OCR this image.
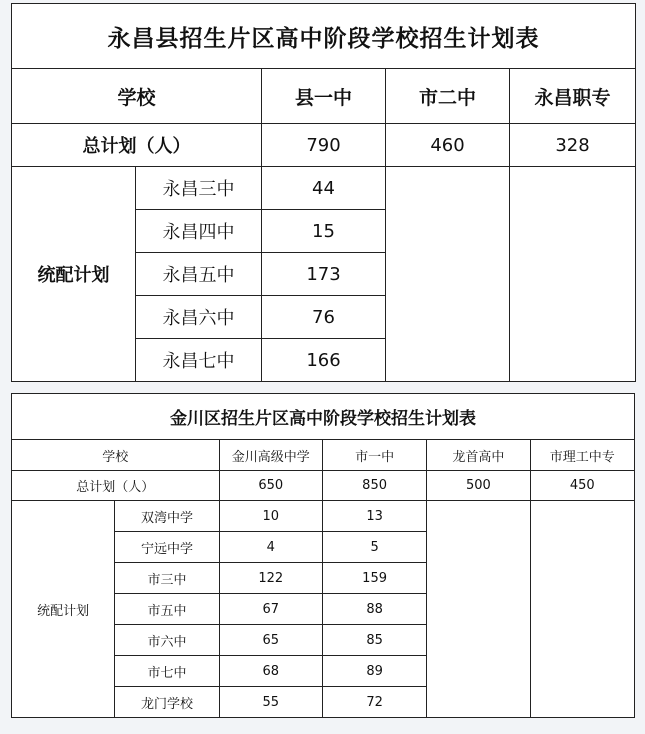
永昌县招生片区高中阶段学校招生计划表				
学校		县一中	市二中	永昌职专
总计划（人）		790	460	328
统配计划	永昌三中	44		
	永昌四中	15		
	永昌五中	173		
	永昌六中	76		
	永昌七中	166		
金川区招生片区高中阶段学校招生计划表					
学校		金川高级中学	市一中	龙首高中	市理工中专
总计划（人）		650	850	500	450
统配计划	双湾中学	10	13		
	宁远中学	4	5		
	市三中	122	159		
	市五中	67	88		
	市六中	65	85		
	市七中	68	89		
	龙门学校	55	72		
